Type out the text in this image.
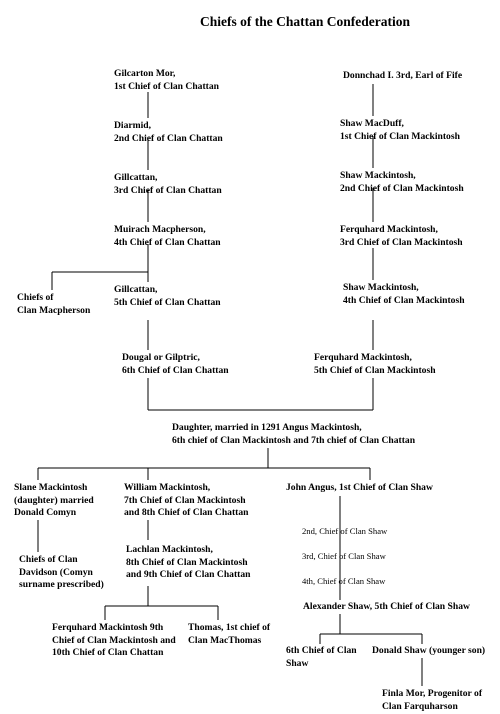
Chiefs of the Chattan Confederation
Gilcarton Mor,
1st Chief of Clan Chattan
Diarmid,
2nd Chief of Clan Chattan
Gillcattan,
3rd Chief of Clan Chattan
Muirach Macpherson,
4th Chief of Clan Chattan
Gillcattan,
5th Chief of Clan Chattan
Chiefs of
Clan Macpherson
Dougal or Gilptric,
6th Chief of Clan Chattan
Donnchad I. 3rd, Earl of Fife
Shaw MacDuff,
1st Chief of Clan Mackintosh
Shaw Mackintosh,
2nd Chief of Clan Mackintosh
Ferquhard Mackintosh,
3rd Chief of Clan Mackintosh
Shaw Mackintosh,
4th Chief of Clan Mackintosh
Ferquhard Mackintosh,
5th Chief of Clan Mackintosh
Daughter, married in 1291 Angus Mackintosh,
6th chief of Clan Mackintosh and 7th chief of Clan Chattan
Slane Mackintosh
(daughter) married
Donald Comyn
Chiefs of Clan
Davidson (Comyn
surname prescribed)
William Mackintosh,
7th Chief of Clan Mackintosh
and 8th Chief of Clan Chattan
Lachlan Mackintosh,
8th Chief of Clan Mackintosh
and 9th Chief of Clan Chattan
Ferquhard Mackintosh 9th
Chief of Clan Mackintosh and
10th Chief of Clan Chattan
Thomas, 1st chief of
Clan MacThomas
John Angus, 1st Chief of Clan Shaw
2nd, Chief of Clan Shaw
3rd, Chief of Clan Shaw
4th, Chief of Clan Shaw
Alexander Shaw, 5th Chief of Clan Shaw
6th Chief of Clan
Shaw
Donald Shaw (younger son)
Finla Mor, Progenitor of
Clan Farquharson
